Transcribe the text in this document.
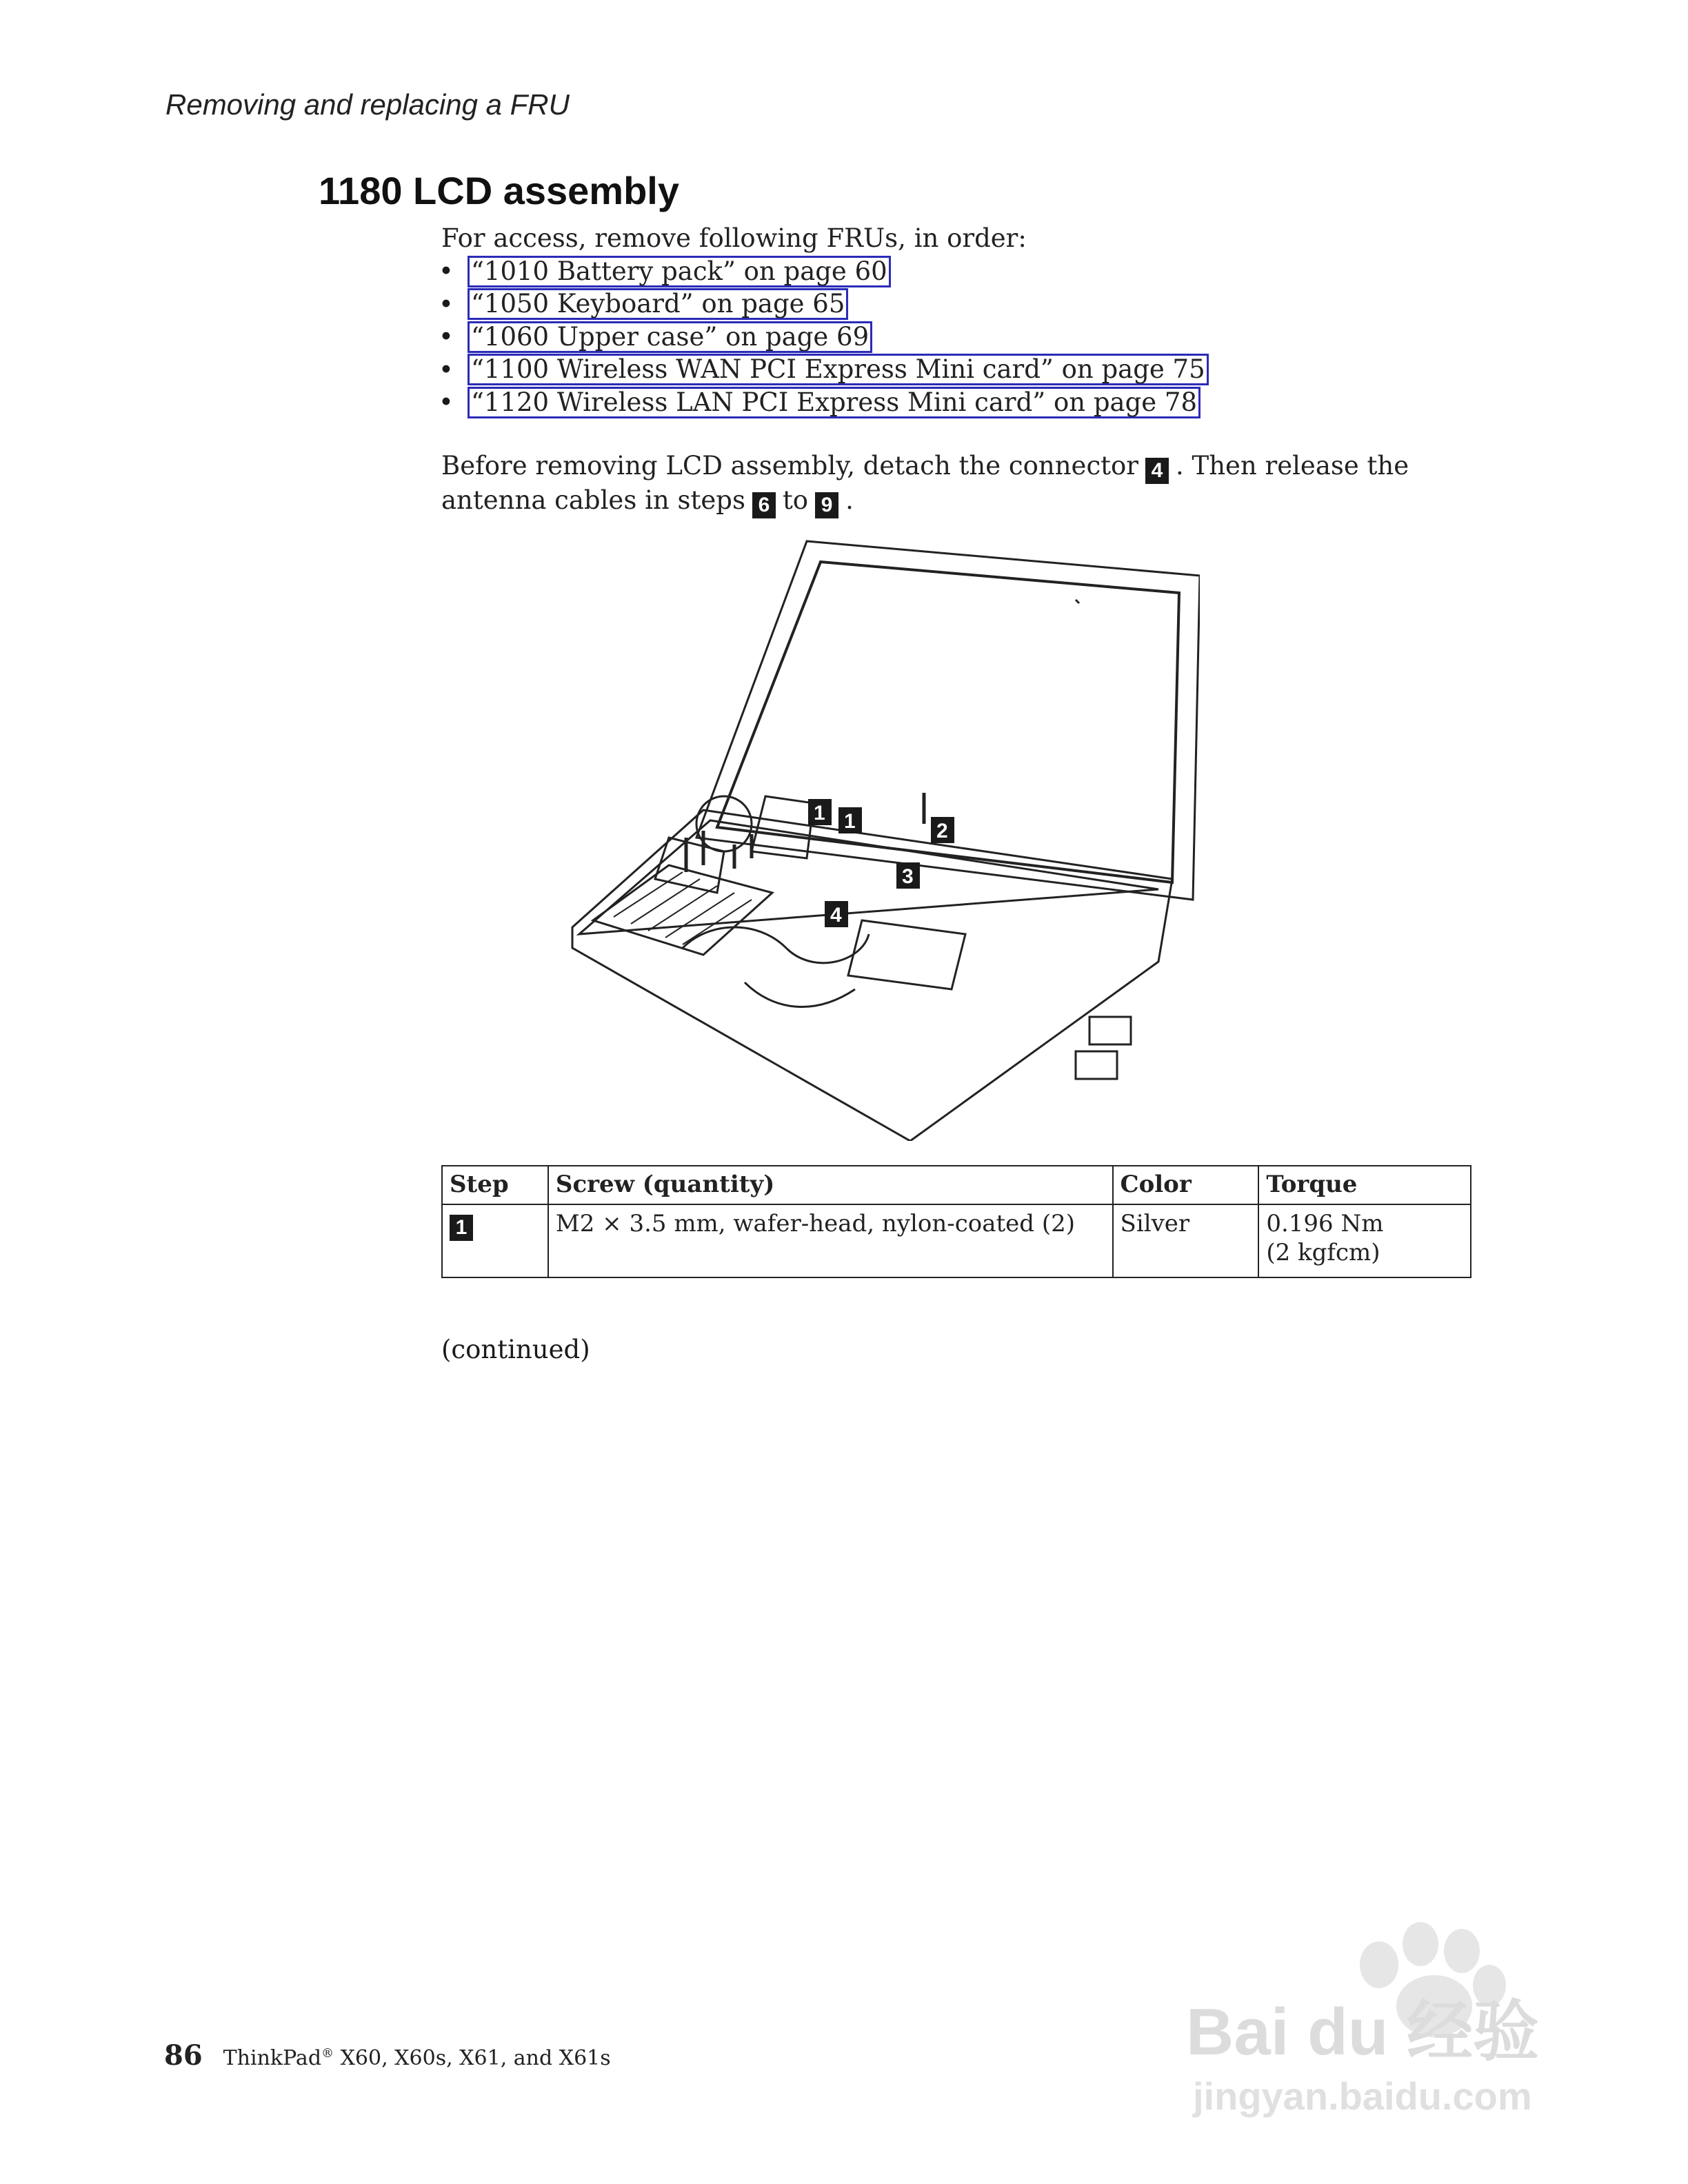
Removing and replacing a FRU
1180 LCD assembly
For access, remove following FRUs, in order:
• “1010 Battery pack” on page 60
• “1050 Keyboard” on page 65
• “1060 Upper case” on page 69
• “1100 Wireless WAN PCI Express Mini card” on page 75
• “1120 Wireless LAN PCI Express Mini card” on page 78
Before removing LCD assembly, detach the connector 4 . Then release the antenna cables in steps 6 to 9 .
1 1	2
3
4
Step	Screw (quantity)	Color	Torque
1	M2 × 3.5 mm, wafer-head, nylon-coated (2)	Silver	0.196 Nm
(2 kgfcm)
(continued)
86 ThinkPad® X60, X60s, X61, and X61s	Bai du 经验
jingyan.baidu.com
